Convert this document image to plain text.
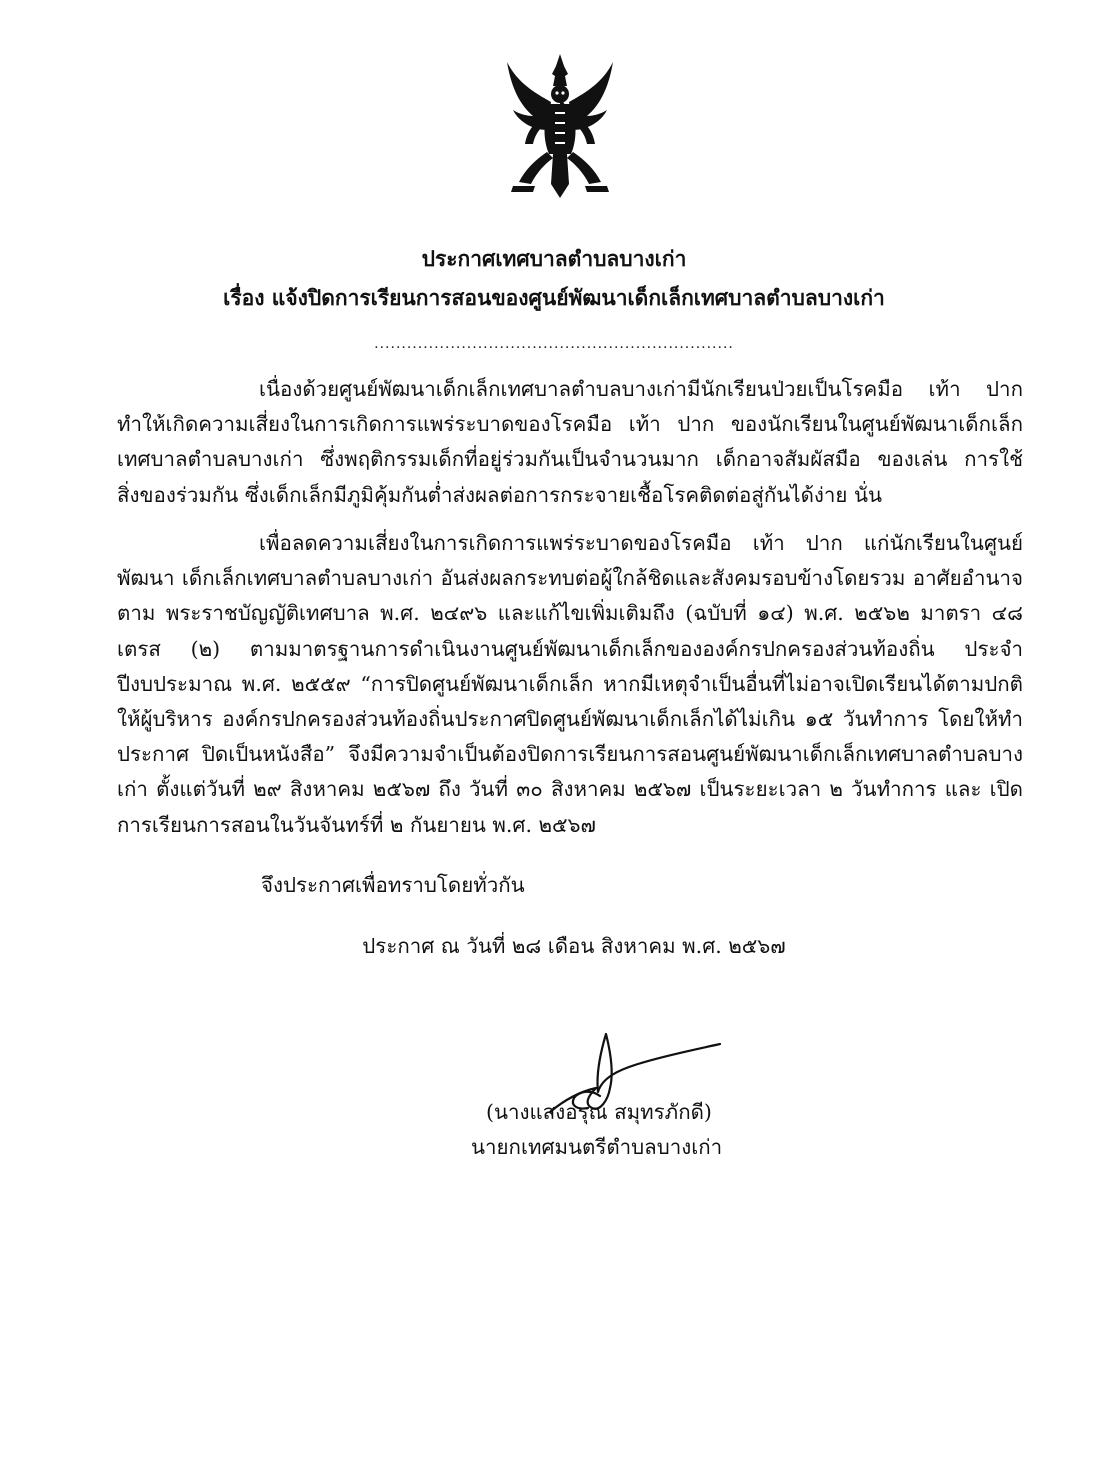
ประกาศเทศบาลตำบลบางเก่า
เรื่อง แจ้งปิดการเรียนการสอนของศูนย์พัฒนาเด็กเล็กเทศบาลตำบลบางเก่า
..................................................................
เนื่องด้วยศูนย์พัฒนาเด็กเล็กเทศบาลตำบลบางเก่ามีนักเรียนป่วยเป็นโรคมือ เท้า ปาก ทำให้เกิดความเสี่ยงในการเกิดการแพร่ระบาดของโรคมือ เท้า ปาก ของนักเรียนในศูนย์พัฒนาเด็กเล็ก เทศบาลตำบลบางเก่า ซึ่งพฤติกรรมเด็กที่อยู่ร่วมกันเป็นจำนวนมาก เด็กอาจสัมผัสมือ ของเล่น การใช้สิ่งของร่วมกัน ซึ่งเด็กเล็กมีภูมิคุ้มกันต่ำส่งผลต่อการกระจายเชื้อโรคติดต่อสู่กันได้ง่าย นั่น
เพื่อลดความเสี่ยงในการเกิดการแพร่ระบาดของโรคมือ เท้า ปาก แก่นักเรียนในศูนย์พัฒนา เด็กเล็กเทศบาลตำบลบางเก่า อันส่งผลกระทบต่อผู้ใกล้ชิดและสังคมรอบข้างโดยรวม อาศัยอำนาจตาม พระราชบัญญัติเทศบาล พ.ศ. ๒๔๙๖ และแก้ไขเพิ่มเติมถึง (ฉบับที่ ๑๔) พ.ศ. ๒๕๖๒ มาตรา ๔๘ เตรส (๒) ตามมาตรฐานการดำเนินงานศูนย์พัฒนาเด็กเล็กขององค์กรปกครองส่วนท้องถิ่น ประจำปีงบประมาณ พ.ศ. ๒๕๕๙ “การปิดศูนย์พัฒนาเด็กเล็ก หากมีเหตุจำเป็นอื่นที่ไม่อาจเปิดเรียนได้ตามปกติ ให้ผู้บริหาร องค์กรปกครองส่วนท้องถิ่นประกาศปิดศูนย์พัฒนาเด็กเล็กได้ไม่เกิน ๑๕ วันทำการ โดยให้ทำประกาศ ปิดเป็นหนังสือ” จึงมีความจำเป็นต้องปิดการเรียนการสอนศูนย์พัฒนาเด็กเล็กเทศบาลตำบลบางเก่า ตั้งแต่วันที่ ๒๙ สิงหาคม ๒๕๖๗ ถึง วันที่ ๓๐ สิงหาคม ๒๕๖๗ เป็นระยะเวลา ๒ วันทำการ และ เปิดการเรียนการสอนในวันจันทร์ที่ ๒ กันยายน พ.ศ. ๒๕๖๗
จึงประกาศเพื่อทราบโดยทั่วกัน
ประกาศ ณ วันที่ ๒๘ เดือน สิงหาคม พ.ศ. ๒๕๖๗
(นางแสงอรุณ สมุทรภักดี)
นายกเทศมนตรีตำบลบางเก่า
